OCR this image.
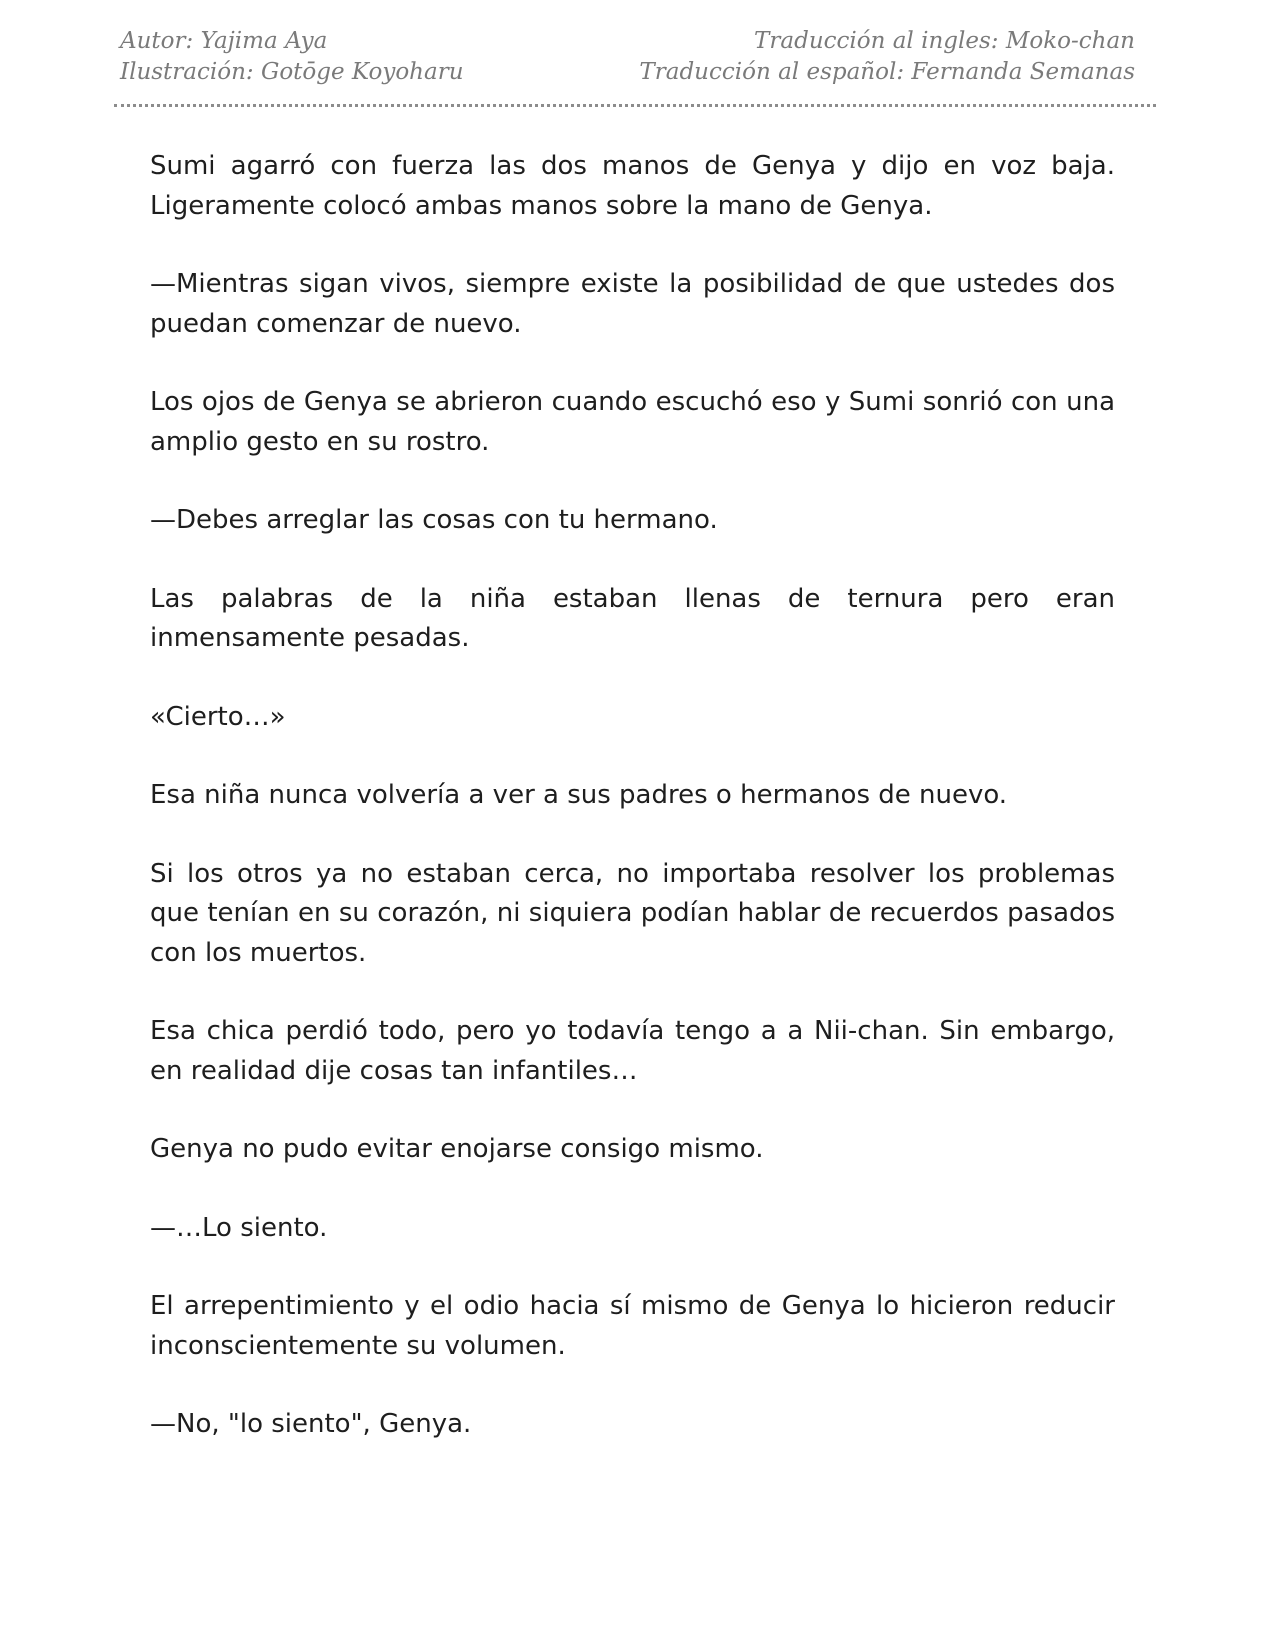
Autor: Yajima Aya
Ilustración: Gotōge Koyoharu
Traducción al ingles: Moko-chan
Traducción al español: Fernanda Semanas

Sumi agarró con fuerza las dos manos de Genya y dijo en voz baja. Ligeramente colocó ambas manos sobre la mano de Genya.

—Mientras sigan vivos, siempre existe la posibilidad de que ustedes dos puedan comenzar de nuevo.

Los ojos de Genya se abrieron cuando escuchó eso y Sumi sonrió con una amplio gesto en su rostro.

—Debes arreglar las cosas con tu hermano.

Las palabras de la niña estaban llenas de ternura pero eran inmensamente pesadas.

«Cierto…»

Esa niña nunca volvería a ver a sus padres o hermanos de nuevo.

Si los otros ya no estaban cerca, no importaba resolver los problemas que tenían en su corazón, ni siquiera podían hablar de recuerdos pasados con los muertos.

Esa chica perdió todo, pero yo todavía tengo a a Nii-chan. Sin embargo, en realidad dije cosas tan infantiles…

Genya no pudo evitar enojarse consigo mismo.

—…Lo siento.

El arrepentimiento y el odio hacia sí mismo de Genya lo hicieron reducir inconscientemente su volumen.

—No, "lo siento", Genya.
